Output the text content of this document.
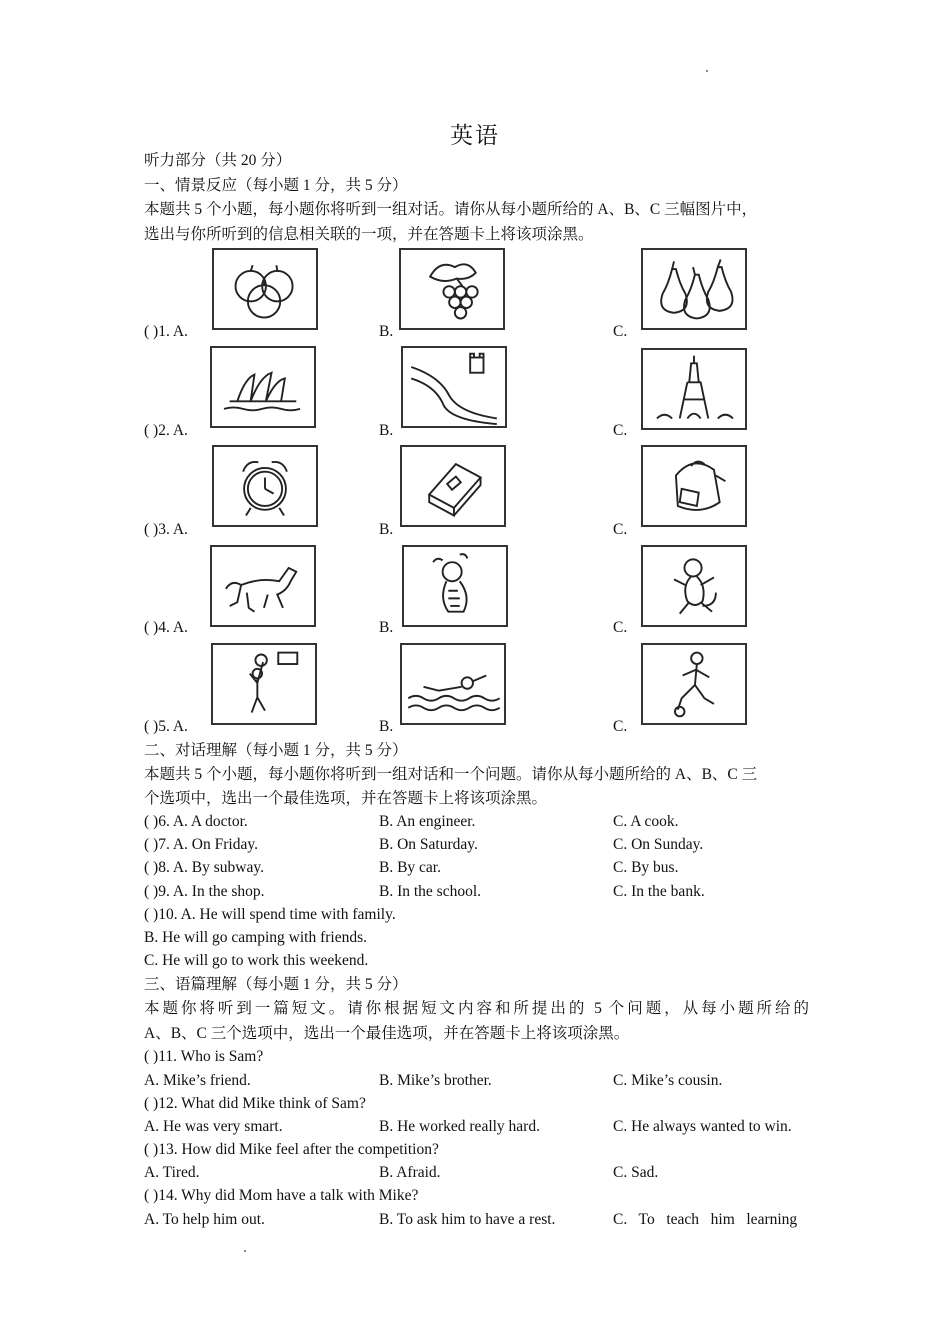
英语
听力部分（共 20 分）
一、情景反应（每小题 1 分，共 5 分）
本题共 5 个小题，每小题你将听到一组对话。请你从每小题所给的 A、B、C 三幅图片中，
选出与你所听到的信息相关联的一项，并在答题卡上将该项涂黑。
( )1. A.	B.	C.
( )2. A.	B.	C.
( )3. A.	B.	C.
( )4. A.	B.	C.
( )5. A.	B.	C.
二、对话理解（每小题 1 分，共 5 分）
本题共 5 个小题，每小题你将听到一组对话和一个问题。请你从每小题所给的 A、B、C 三
个选项中，选出一个最佳选项，并在答题卡上将该项涂黑。
( )6. A. A doctor.	B. An engineer.	C. A cook.
( )7. A. On Friday.	B. On Saturday.	C. On Sunday.
( )8. A. By subway.	B. By car.	C. By bus.
( )9. A. In the shop.	B. In the school.	C. In the bank.
( )10. A. He will spend time with family.
B. He will go camping with friends.
C. He will go to work this weekend.
三、语篇理解（每小题 1 分，共 5 分）
本题你将听到一篇短文。请你根据短文内容和所提出的 5 个问题，从每小题所给的
A、B、C 三个选项中，选出一个最佳选项，并在答题卡上将该项涂黑。
( )11. Who is Sam?
A. Mike’s friend.	B. Mike’s brother.	C. Mike’s cousin.
( )12. What did Mike think of Sam?
A. He was very smart.	B. He worked really hard.	C. He always wanted to win.
( )13. How did Mike feel after the competition?
A. Tired.	B. Afraid.	C. Sad.
( )14. Why did Mom have a talk with Mike?
A. To help him out.	B. To ask him to have a rest.	C.   To   teach   him   learning
